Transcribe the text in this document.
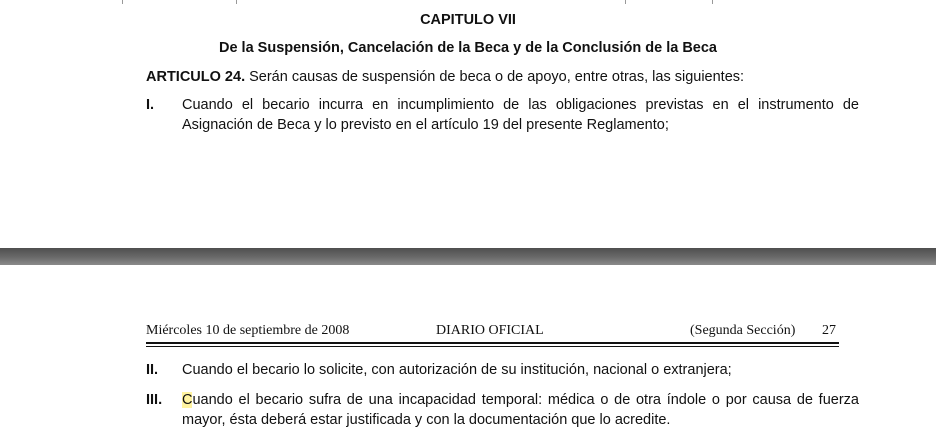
CAPITULO VII
De la Suspensión, Cancelación de la Beca y de la Conclusión de la Beca
ARTICULO 24. Serán causas de suspensión de beca o de apoyo, entre otras, las siguientes:
I. Cuando el becario incurra en incumplimiento de las obligaciones previstas en el instrumento de Asignación de Beca y lo previsto en el artículo 19 del presente Reglamento;
Miércoles 10 de septiembre de 2008	DIARIO OFICIAL	(Segunda Sección) 27
II. Cuando el becario lo solicite, con autorización de su institución, nacional o extranjera;
III. Cuando el becario sufra de una incapacidad temporal: médica o de otra índole o por causa de fuerza mayor, ésta deberá estar justificada y con la documentación que lo acredite.
